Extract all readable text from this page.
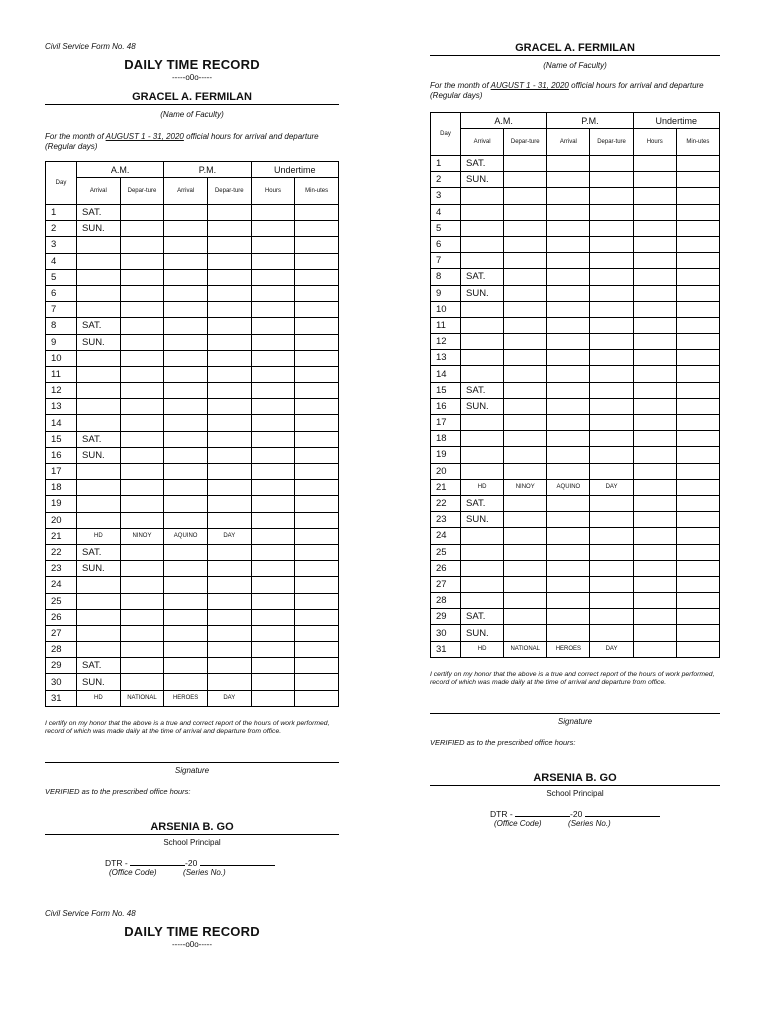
Civil Service Form No. 48
DAILY TIME RECORD
-----o0o-----
GRACEL A. FERMILAN
(Name of Faculty)
For the month of AUGUST 1 - 31, 2020 official hours for arrival and departure (Regular days)
Day	A.M.		P.M.		Undertime	
	Arrival	Depar-ture	Arrival	Depar-ture	Hours	Min-utes
1	SAT.					
2	SUN.					
3						
4						
5						
6						
7						
8	SAT.					
9	SUN.					
10						
11						
12						
13						
14						
15	SAT.					
16	SUN.					
17						
18						
19						
20						
21	HD	NINOY	AQUINO	DAY		
22	SAT.					
23	SUN.					
24						
25						
26						
27						
28						
29	SAT.					
30	SUN.					
31	HD	NATIONAL	HEROES	DAY		
I certify on my honor that the above is a true and correct report of the hours of work performed, record of which was made daily at the time of arrival and departure from office.
Signature
VERIFIED as to the prescribed office hours:
ARSENIA B. GO
School Principal
DTR -	-20
(Office Code)	(Series No.)
Civil Service Form No. 48
DAILY TIME RECORD
-----o0o-----
GRACEL A. FERMILAN
(Name of Faculty)
For the month of AUGUST 1 - 31, 2020 official hours for arrival and departure (Regular days)
Day	A.M.		P.M.		Undertime	
	Arrival	Depar-ture	Arrival	Depar-ture	Hours	Min-utes
1	SAT.					
2	SUN.					
3						
4						
5						
6						
7						
8	SAT.					
9	SUN.					
10						
11						
12						
13						
14						
15	SAT.					
16	SUN.					
17						
18						
19						
20						
21	HD	NINOY	AQUINO	DAY		
22	SAT.					
23	SUN.					
24						
25						
26						
27						
28						
29	SAT.					
30	SUN.					
31	HD	NATIONAL	HEROES	DAY		
I certify on my honor that the above is a true and correct report of the hours of work performed, record of which was made daily at the time of arrival and departure from office.
Signature
VERIFIED as to the prescribed office hours:
ARSENIA B. GO
School Principal
DTR -	-20
(Office Code)	(Series No.)
